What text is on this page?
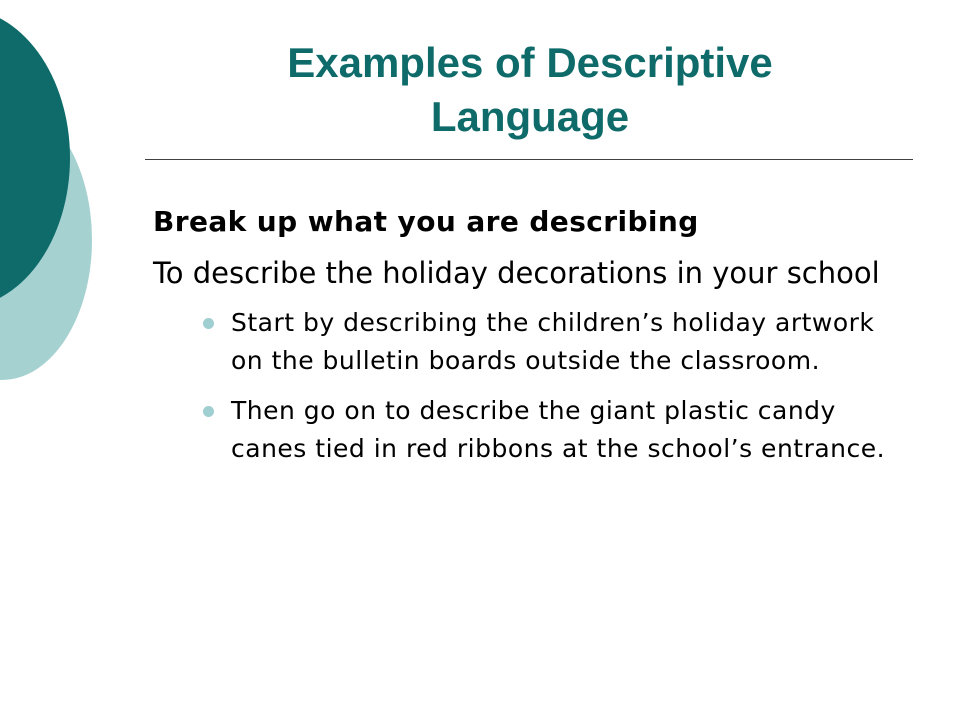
Examples of Descriptive
Language

Break up what you are describing

To describe the holiday decorations in your school

Start by describing the children’s holiday artwork on the bulletin boards outside the classroom.
Then go on to describe the giant plastic candy canes tied in red ribbons at the school’s entrance.
